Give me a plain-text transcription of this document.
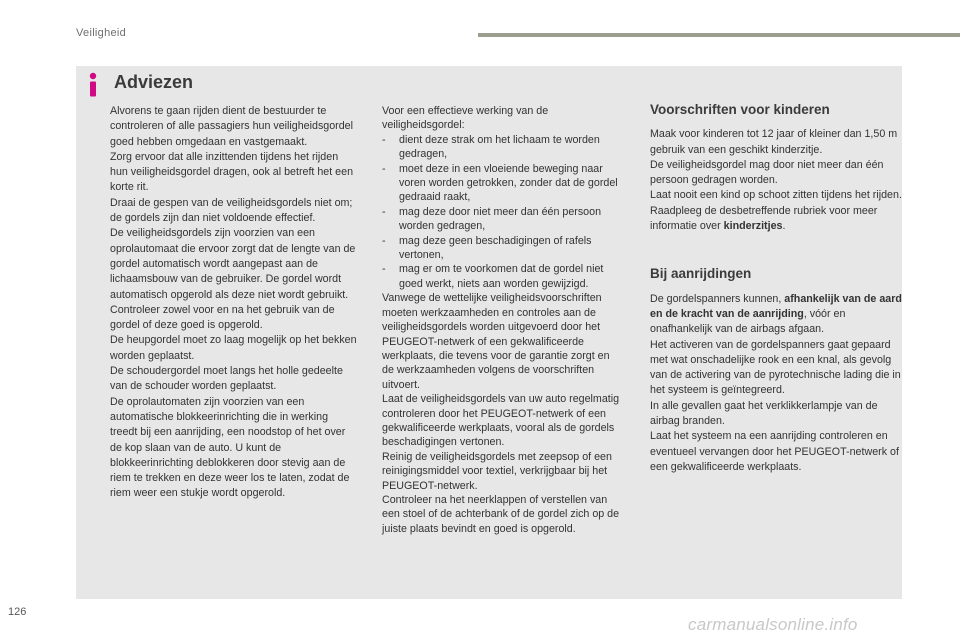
Veiligheid
Adviezen

Alvorens te gaan rijden dient de bestuurder te controleren of alle passagiers hun veiligheidsgordel goed hebben omgedaan en vastgemaakt.

Zorg ervoor dat alle inzittenden tijdens het rijden hun veiligheidsgordel dragen, ook al betreft het een korte rit.

Draai de gespen van de veiligheidsgordels niet om; de gordels zijn dan niet voldoende effectief.

De veiligheidsgordels zijn voorzien van een oprolautomaat die ervoor zorgt dat de lengte van de gordel automatisch wordt aangepast aan de lichaamsbouw van de gebruiker. De gordel wordt automatisch opgerold als deze niet wordt gebruikt.

Controleer zowel voor en na het gebruik van de gordel of deze goed is opgerold.

De heupgordel moet zo laag mogelijk op het bekken worden geplaatst.

De schoudergordel moet langs het holle gedeelte van de schouder worden geplaatst.

De oprolautomaten zijn voorzien van een automatische blokkeerinrichting die in werking treedt bij een aanrijding, een noodstop of het over de kop slaan van de auto. U kunt de blokkeerinrichting deblokkeren door stevig aan de riem te trekken en deze weer los te laten, zodat de riem weer een stukje wordt opgerold.

Voor een effectieve werking van de veiligheidsgordel:

- dient deze strak om het lichaam te worden gedragen,

- moet deze in een vloeiende beweging naar voren worden getrokken, zonder dat de gordel gedraaid raakt,

- mag deze door niet meer dan één persoon worden gedragen,

- mag deze geen beschadigingen of rafels vertonen,

- mag er om te voorkomen dat de gordel niet goed werkt, niets aan worden gewijzigd.

Vanwege de wettelijke veiligheidsvoorschriften moeten werkzaamheden en controles aan de veiligheidsgordels worden uitgevoerd door het PEUGEOT-netwerk of een gekwalificeerde werkplaats, die tevens voor de garantie zorgt en de werkzaamheden volgens de voorschriften uitvoert.

Laat de veiligheidsgordels van uw auto regelmatig controleren door het PEUGEOT-netwerk of een gekwalificeerde werkplaats, vooral als de gordels beschadigingen vertonen.

Reinig de veiligheidsgordels met zeepsop of een reinigingsmiddel voor textiel, verkrijgbaar bij het PEUGEOT-netwerk.

Controleer na het neerklappen of verstellen van een stoel of de achterbank of de gordel zich op de juiste plaats bevindt en goed is opgerold.

Voorschriften voor kinderen

Maak voor kinderen tot 12 jaar of kleiner dan 1,50 m gebruik van een geschikt kinderzitje.

De veiligheidsgordel mag door niet meer dan één persoon gedragen worden.

Laat nooit een kind op schoot zitten tijdens het rijden.

Raadpleeg de desbetreffende rubriek voor meer informatie over kinderzitjes.

Bij aanrijdingen

De gordelspanners kunnen, afhankelijk van de aard en de kracht van de aanrijding, vóór en onafhankelijk van de airbags afgaan.

Het activeren van de gordelspanners gaat gepaard met wat onschadelijke rook en een knal, als gevolg van de activering van de pyrotechnische lading die in het systeem is geïntegreerd.

In alle gevallen gaat het verklikkerlampje van de airbag branden.

Laat het systeem na een aanrijding controleren en eventueel vervangen door het PEUGEOT-netwerk of een gekwalificeerde werkplaats.

126
carmanualsonline.info
